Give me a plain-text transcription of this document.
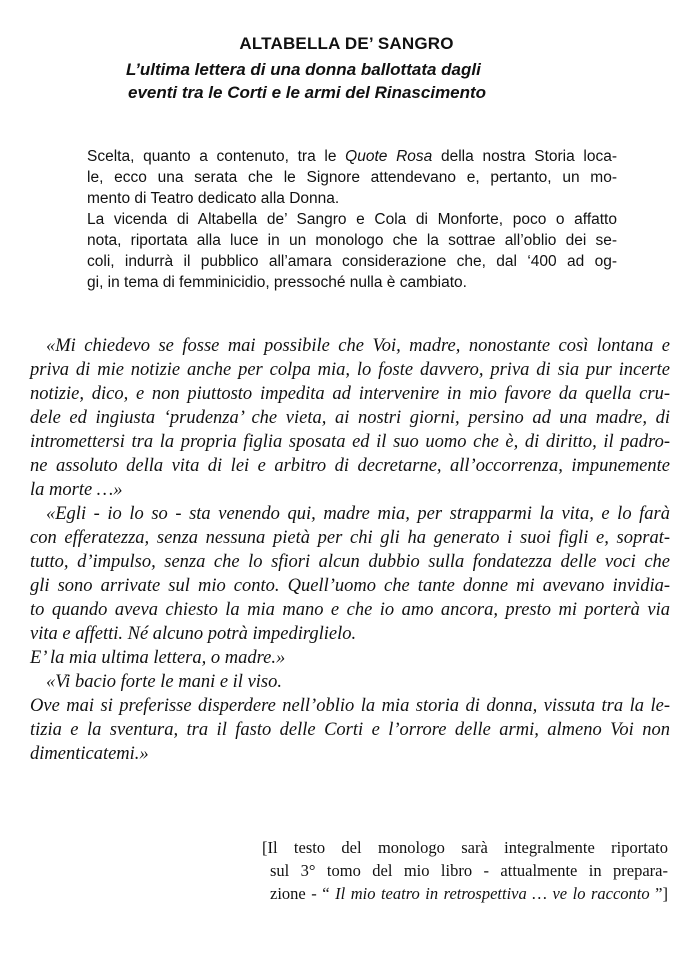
ALTABELLA DE’ SANGRO
L’ultima lettera di una donna ballottata dagli
eventi tra le Corti e le armi del Rinascimento
Scelta, quanto a contenuto, tra le Quote Rosa della nostra Storia loca-
le, ecco una serata che le Signore attendevano e, pertanto, un mo-
mento di Teatro dedicato alla Donna.
La vicenda di Altabella de’ Sangro e Cola di Monforte, poco o affatto
nota, riportata alla luce in un monologo che la sottrae all’oblio dei se-
coli, indurrà il pubblico all’amara considerazione che, dal ‘400 ad og-
gi, in tema di femminicidio, pressoché nulla è cambiato.
«Mi chiedevo se fosse mai possibile che Voi, madre, nonostante così lontana e
priva di mie notizie anche per colpa mia, lo foste davvero, priva di sia pur incerte
notizie, dico, e non piuttosto impedita ad intervenire in mio favore da quella cru-
dele ed ingiusta ‘prudenza’ che vieta, ai nostri giorni, persino ad una madre, di
intromettersi tra la propria figlia sposata ed il suo uomo che è, di diritto, il padro-
ne assoluto della vita di lei e arbitro di decretarne, all’occorrenza, impunemente
la morte …»
«Egli - io lo so - sta venendo qui, madre mia, per strapparmi la vita, e lo farà
con efferatezza, senza nessuna pietà per chi gli ha generato i suoi figli e, soprat-
tutto, d’impulso, senza che lo sfiori alcun dubbio sulla fondatezza delle voci che
gli sono arrivate sul mio conto. Quell’uomo che tante donne mi avevano invidia-
to quando aveva chiesto la mia mano e che io amo ancora, presto mi porterà via
vita e affetti. Né alcuno potrà impedirglielo.
E’ la mia ultima lettera, o madre.»
«Vi bacio forte le mani e il viso.
Ove mai si preferisse disperdere nell’oblio la mia storia di donna, vissuta tra la le-
tizia e la sventura, tra il fasto delle Corti e l’orrore delle armi, almeno Voi non
dimenticatemi.»
[Il testo del monologo sarà integralmente riportato
sul 3° tomo del mio libro - attualmente in prepara-
zione - “ Il mio teatro in retrospettiva … ve lo racconto ”]
